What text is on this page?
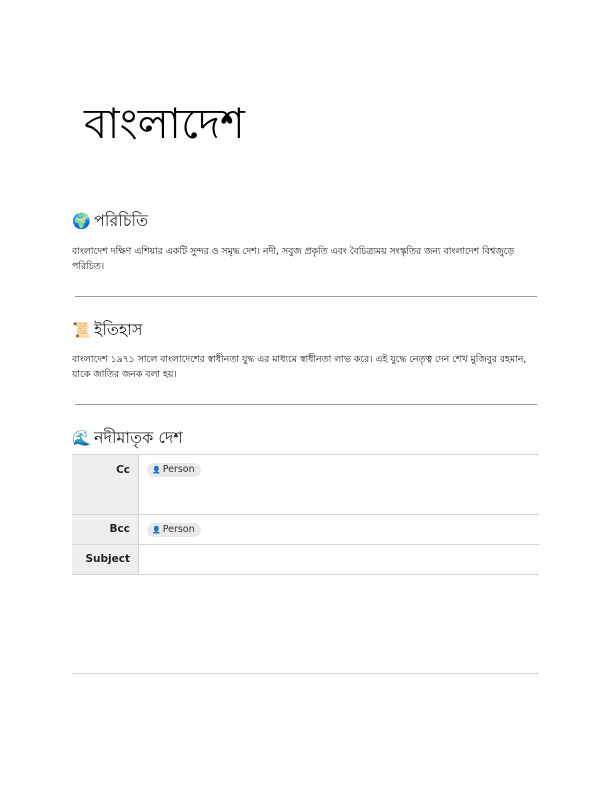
বাংলাদেশ
🌍 পরিচিতি

বাংলাদেশ দক্ষিণ এশিয়ার একটি সুন্দর ও সমৃদ্ধ দেশ। নদী, সবুজ প্রকৃতি এবং বৈচিত্র্যময় সংস্কৃতির জন্য বাংলাদেশ বিশ্বজুড়ে পরিচিত।

📜 ইতিহাস

বাংলাদেশ ১৯৭১ সালে বাংলাদেশের স্বাধীনতা যুদ্ধ এর মাধ্যমে স্বাধীনতা লাভ করে। এই যুদ্ধে নেতৃত্ব দেন শেখ মুজিবুর রহমান, যাকে জাতির জনক বলা হয়।

🌊 নদীমাতৃক দেশ
Cc	👤 Person
Bcc	👤 Person
Subject
